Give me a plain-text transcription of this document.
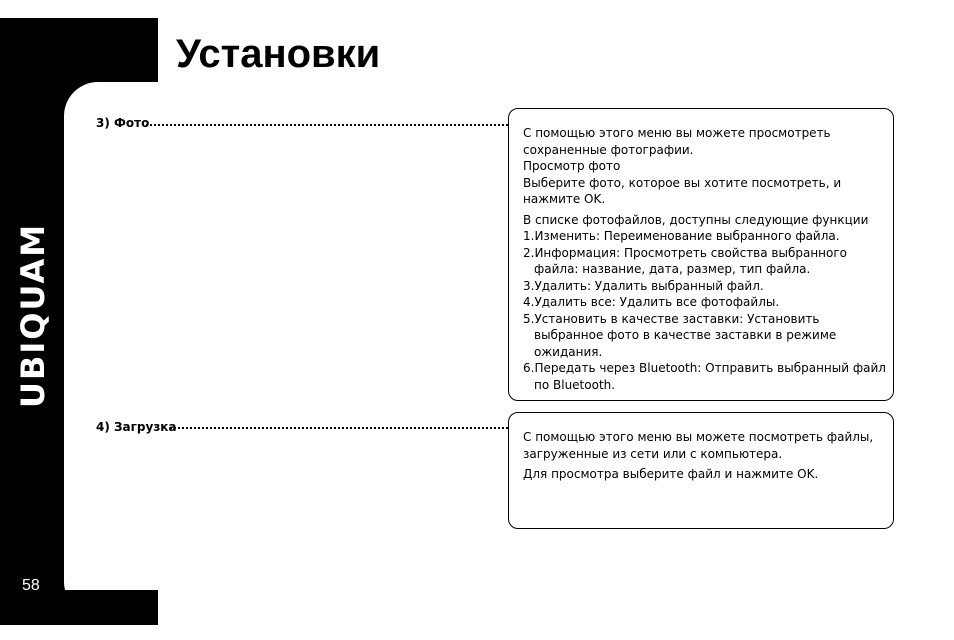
UBIQUAM
58
Установки
3) Фото

С помощью этого меню вы можете просмотреть сохраненные фотографии.

Просмотр фото

Выберите фото, которое вы хотите посмотреть, и нажмите OK.

В списке фотофайлов, доступны следующие функции

1.Изменить: Переименование выбранного файла.

2.Информация: Просмотреть свойства выбранного файла: название, дата, размер, тип файла.

3.Удалить: Удалить выбранный файл.

4.Удалить все: Удалить все фотофайлы.

5.Установить в качестве заставки: Установить выбранное фото в качестве заставки в режиме ожидания.

6.Передать через Bluetooth: Отправить выбранный файл по Bluetooth.

4) Загрузка

С помощью этого меню вы можете посмотреть файлы, загруженные из сети или с компьютера.

Для просмотра выберите файл и нажмите OK.
